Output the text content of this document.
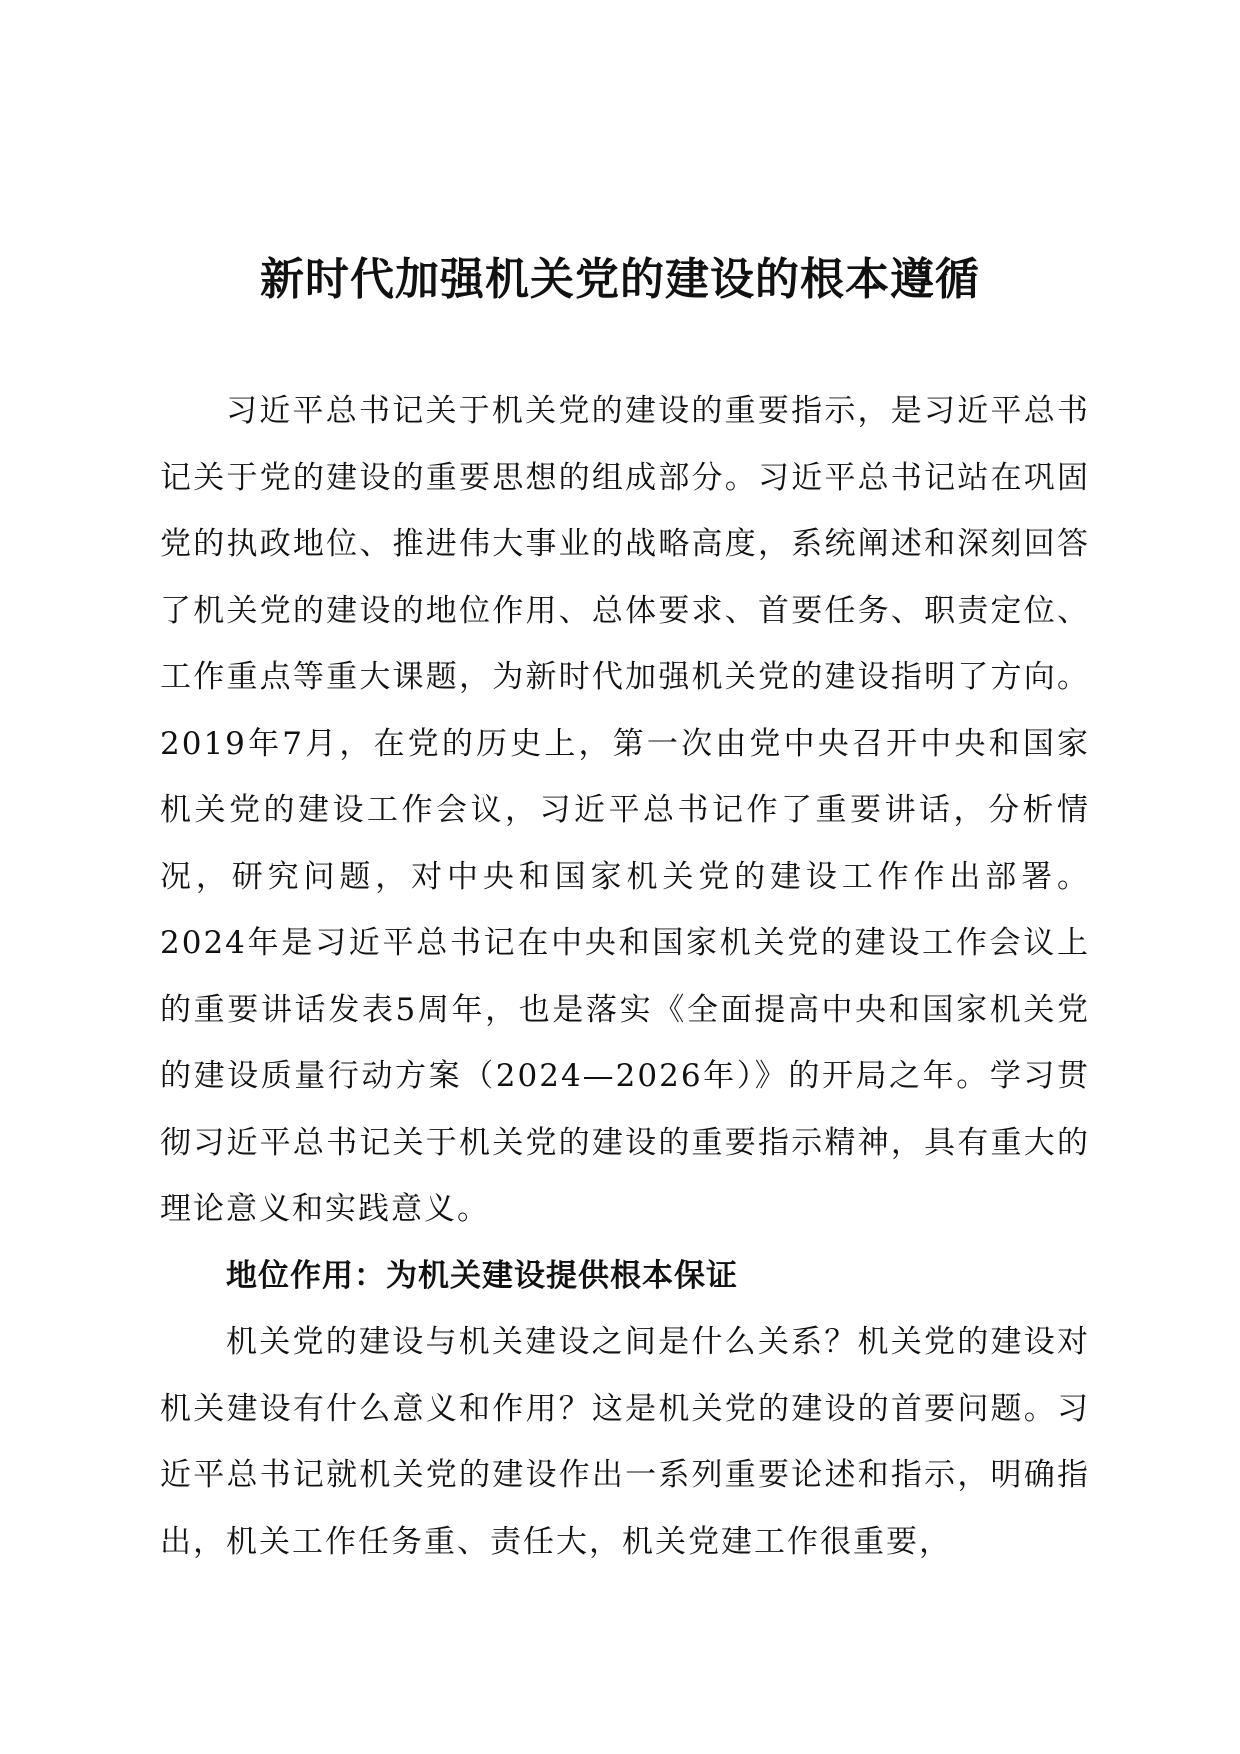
新时代加强机关党的建设的根本遵循

习近平总书记关于机关党的建设的重要指示，是习近平总书记关于党的建设的重要思想的组成部分。习近平总书记站在巩固党的执政地位、推进伟大事业的战略高度，系统阐述和深刻回答了机关党的建设的地位作用、总体要求、首要任务、职责定位、工作重点等重大课题，为新时代加强机关党的建设指明了方向。2019年7月，在党的历史上，第一次由党中央召开中央和国家机关党的建设工作会议，习近平总书记作了重要讲话，分析情况，研究问题，对中央和国家机关党的建设工作作出部署。2024年是习近平总书记在中央和国家机关党的建设工作会议上的重要讲话发表5周年，也是落实《全面提高中央和国家机关党的建设质量行动方案（2024—2026年）》的开局之年。学习贯彻习近平总书记关于机关党的建设的重要指示精神，具有重大的理论意义和实践意义。

地位作用：为机关建设提供根本保证

机关党的建设与机关建设之间是什么关系？机关党的建设对机关建设有什么意义和作用？这是机关党的建设的首要问题。习近平总书记就机关党的建设作出一系列重要论述和指示，明确指出，机关工作任务重、责任大，机关党建工作很重要，
